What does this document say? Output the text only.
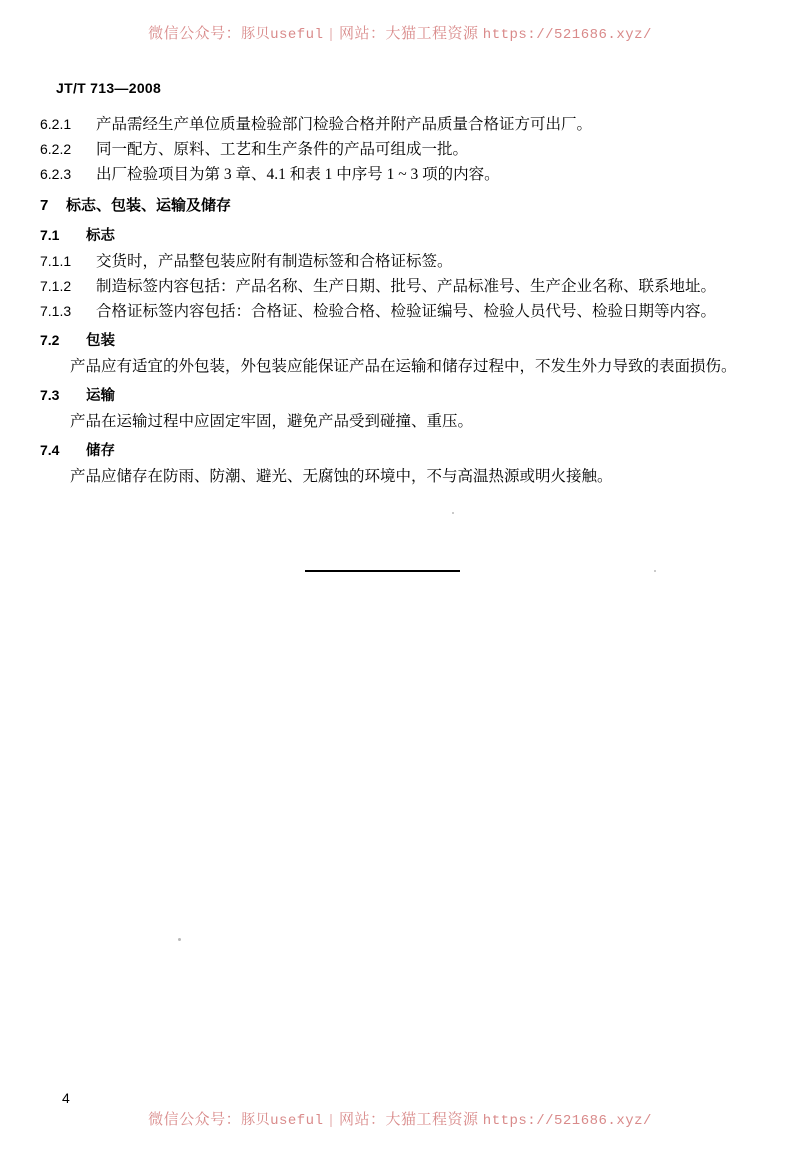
微信公众号：豚贝useful | 网站：大猫工程资源 https://521686.xyz/
JT/T 713—2008
6.2.1 产品需经生产单位质量检验部门检验合格并附产品质量合格证方可出厂。
6.2.2 同一配方、原料、工艺和生产条件的产品可组成一批。
6.2.3 出厂检验项目为第 3 章、4.1 和表 1 中序号 1 ~ 3 项的内容。
7 标志、包装、运输及储存
7.1 标志
7.1.1 交货时，产品整包装应附有制造标签和合格证标签。
7.1.2 制造标签内容包括：产品名称、生产日期、批号、产品标准号、生产企业名称、联系地址。
7.1.3 合格证标签内容包括：合格证、检验合格、检验证编号、检验人员代号、检验日期等内容。
7.2 包装
产品应有适宜的外包装，外包装应能保证产品在运输和储存过程中，不发生外力导致的表面损伤。
7.3 运输
产品在运输过程中应固定牢固，避免产品受到碰撞、重压。
7.4 储存
产品应储存在防雨、防潮、避光、无腐蚀的环境中，不与高温热源或明火接触。
4
微信公众号：豚贝useful | 网站：大猫工程资源 https://521686.xyz/
